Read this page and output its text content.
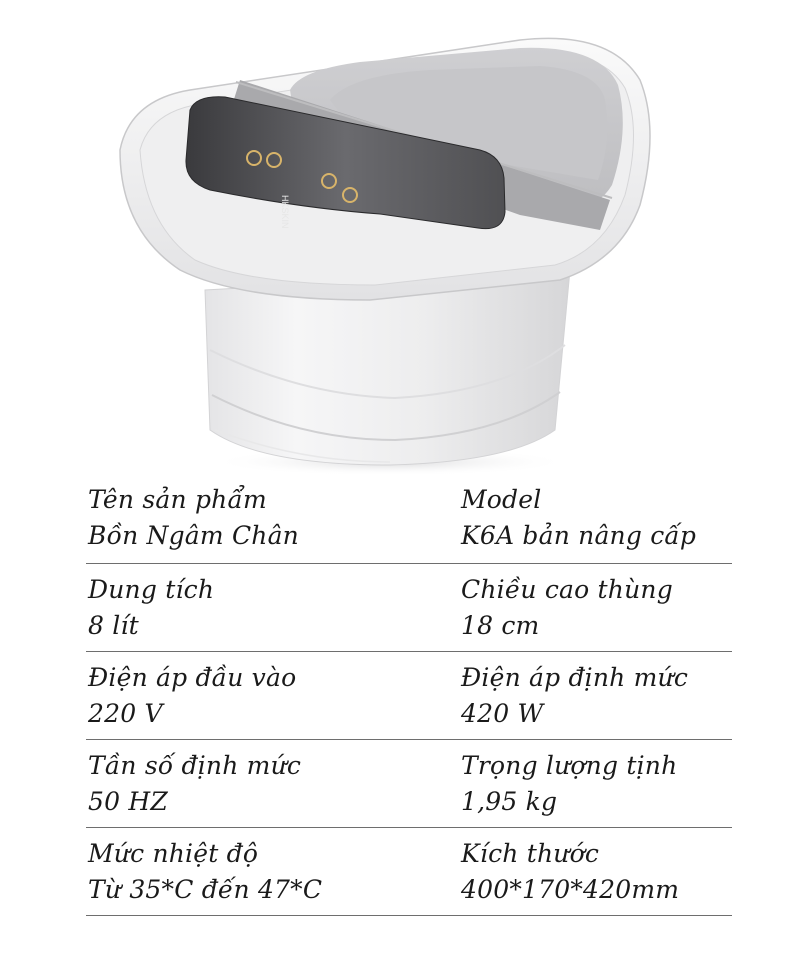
HKSKIN
Tên sản phẩm
Bồn Ngâm Chân
Model
K6A bản nâng cấp
Dung tích
8 lít
Chiều cao thùng
18 cm
Điện áp đầu vào
220 V
Điện áp định mức
420 W
Tần số định mức
50 HZ
Trọng lượng tịnh
1,95 kg
Mức nhiệt độ
Từ 35*C đến 47*C
Kích thước
400*170*420mm
